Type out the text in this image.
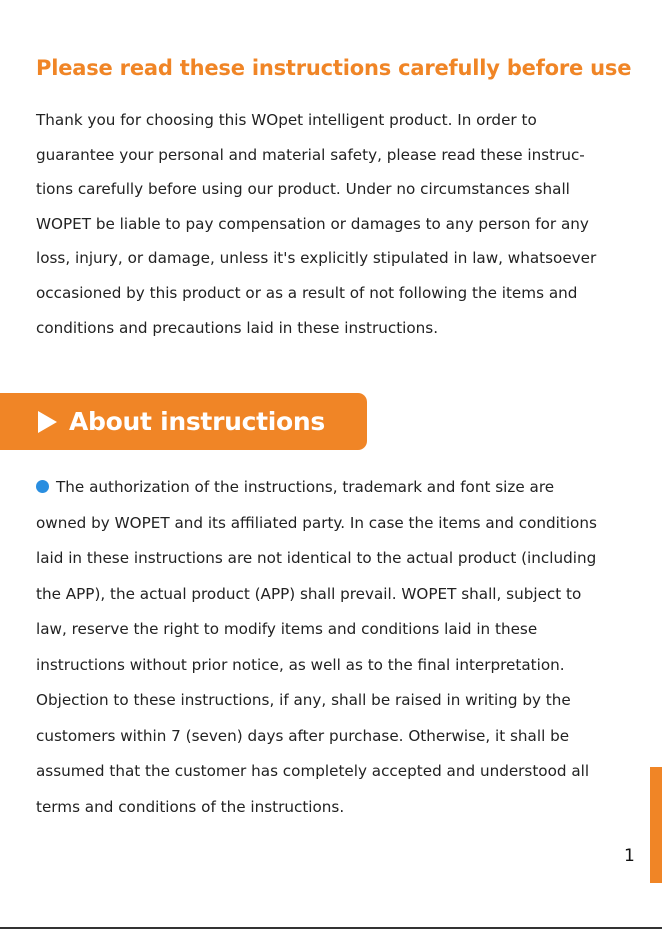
Please read these instructions carefully before use
Thank you for choosing this WOpet intelligent product. In order to
guarantee your personal and material safety, please read these instruc-
tions carefully before using our product. Under no circumstances shall
WOPET be liable to pay compensation or damages to any person for any
loss, injury, or damage, unless it's explicitly stipulated in law, whatsoever
occasioned by this product or as a result of not following the items and
conditions and precautions laid in these instructions.
About instructions
The authorization of the instructions, trademark and font size are
owned by WOPET and its affiliated party. In case the items and conditions
laid in these instructions are not identical to the actual product (including
the APP), the actual product (APP) shall prevail. WOPET shall, subject to
law, reserve the right to modify items and conditions laid in these
instructions without prior notice, as well as to the final interpretation.
Objection to these instructions, if any, shall be raised in writing by the
customers within 7 (seven) days after purchase. Otherwise, it shall be
assumed that the customer has completely accepted and understood all
terms and conditions of the instructions.
1
